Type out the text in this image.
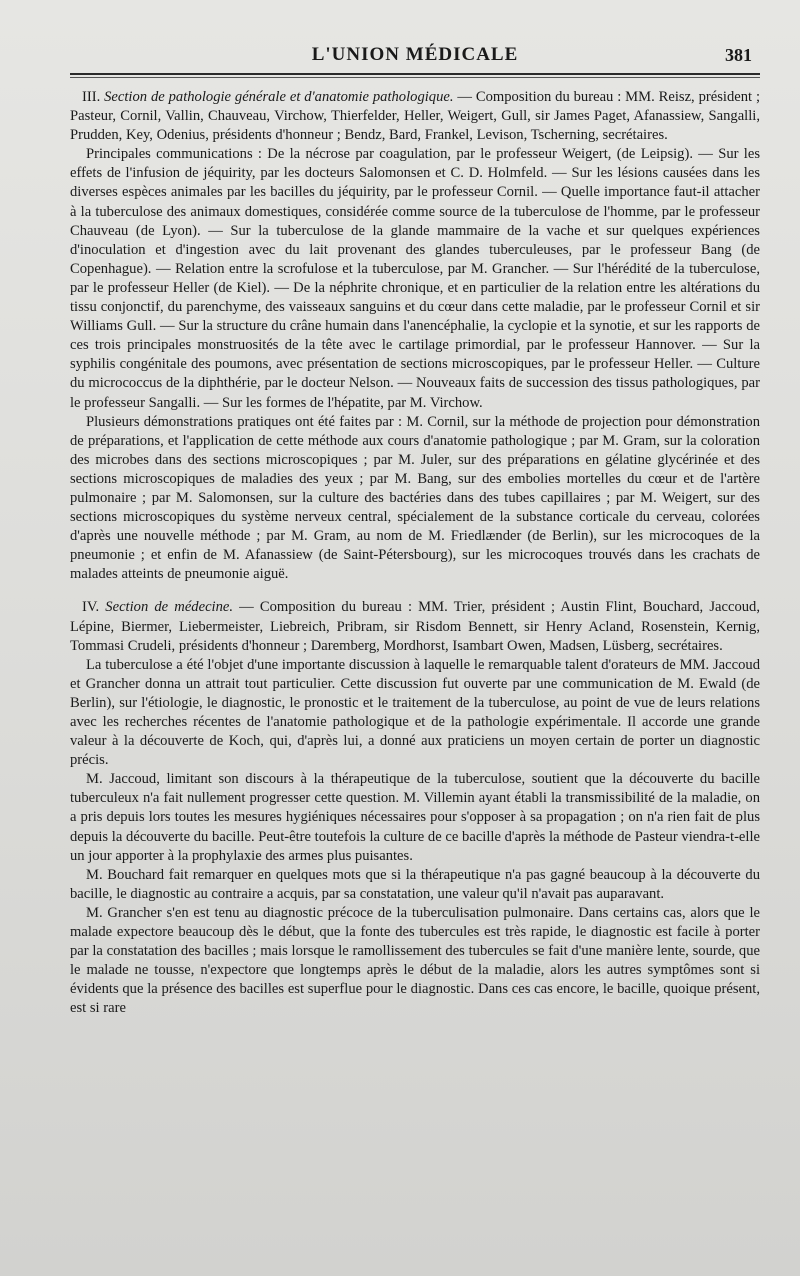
L'UNION MÉDICALE	381

III. Section de pathologie générale et d'anatomie pathologique. — Composition du bureau : MM. Reisz, président ; Pasteur, Cornil, Vallin, Chauveau, Virchow, Thierfelder, Heller, Weigert, Gull, sir James Paget, Afanassiew, Sangalli, Prudden, Key, Odenius, présidents d'honneur ; Bendz, Bard, Frankel, Levison, Tscherning, secrétaires.

Principales communications : De la nécrose par coagulation, par le professeur Weigert, (de Leipsig). — Sur les effets de l'infusion de jéquirity, par les docteurs Salomonsen et C. D. Holmfeld. — Sur les lésions causées dans les diverses espèces animales par les bacilles du jéquirity, par le professeur Cornil. — Quelle importance faut-il attacher à la tuberculose des animaux domestiques, considérée comme source de la tuberculose de l'homme, par le professeur Chauveau (de Lyon). — Sur la tuberculose de la glande mammaire de la vache et sur quelques expériences d'inoculation et d'ingestion avec du lait provenant des glandes tuberculeuses, par le professeur Bang (de Copenhague). — Relation entre la scrofulose et la tuberculose, par M. Grancher. — Sur l'hérédité de la tuberculose, par le professeur Heller (de Kiel). — De la néphrite chronique, et en particulier de la relation entre les altérations du tissu conjonctif, du parenchyme, des vaisseaux sanguins et du cœur dans cette maladie, par le professeur Cornil et sir Williams Gull. — Sur la structure du crâne humain dans l'anencéphalie, la cyclopie et la synotie, et sur les rapports de ces trois principales monstruosités de la tête avec le cartilage primordial, par le professeur Hannover. — Sur la syphilis congénitale des poumons, avec présentation de sections microscopiques, par le professeur Heller. — Culture du micrococcus de la diphthérie, par le docteur Nelson. — Nouveaux faits de succession des tissus pathologiques, par le professeur Sangalli. — Sur les formes de l'hépatite, par M. Virchow.

Plusieurs démonstrations pratiques ont été faites par : M. Cornil, sur la méthode de projection pour démonstration de préparations, et l'application de cette méthode aux cours d'anatomie pathologique ; par M. Gram, sur la coloration des microbes dans des sections microscopiques ; par M. Juler, sur des préparations en gélatine glycérinée et des sections microscopiques de maladies des yeux ; par M. Bang, sur des embolies mortelles du cœur et de l'artère pulmonaire ; par M. Salomonsen, sur la culture des bactéries dans des tubes capillaires ; par M. Weigert, sur des sections microscopiques du système nerveux central, spécialement de la substance corticale du cerveau, colorées d'après une nouvelle méthode ; par M. Gram, au nom de M. Friedlænder (de Berlin), sur les microcoques de la pneumonie ; et enfin de M. Afanassiew (de Saint-Pétersbourg), sur les microcoques trouvés dans les crachats de malades atteints de pneumonie aiguë.

IV. Section de médecine. — Composition du bureau : MM. Trier, président ; Austin Flint, Bouchard, Jaccoud, Lépine, Biermer, Liebermeister, Liebreich, Pribram, sir Risdom Bennett, sir Henry Acland, Rosenstein, Kernig, Tommasi Crudeli, présidents d'honneur ; Daremberg, Mordhorst, Isambart Owen, Madsen, Lüsberg, secrétaires.

La tuberculose a été l'objet d'une importante discussion à laquelle le remarquable talent d'orateurs de MM. Jaccoud et Grancher donna un attrait tout particulier. Cette discussion fut ouverte par une communication de M. Ewald (de Berlin), sur l'étiologie, le diagnostic, le pronostic et le traitement de la tuberculose, au point de vue de leurs relations avec les recherches récentes de l'anatomie pathologique et de la pathologie expérimentale. Il accorde une grande valeur à la découverte de Koch, qui, d'après lui, a donné aux praticiens un moyen certain de porter un diagnostic précis.

M. Jaccoud, limitant son discours à la thérapeutique de la tuberculose, soutient que la découverte du bacille tuberculeux n'a fait nullement progresser cette question. M. Villemin ayant établi la transmissibilité de la maladie, on a pris depuis lors toutes les mesures hygiéniques nécessaires pour s'opposer à sa propagation ; on n'a rien fait de plus depuis la découverte du bacille. Peut-être toutefois la culture de ce bacille d'après la méthode de Pasteur viendra-t-elle un jour apporter à la prophylaxie des armes plus puisantes.

M. Bouchard fait remarquer en quelques mots que si la thérapeutique n'a pas gagné beaucoup à la découverte du bacille, le diagnostic au contraire a acquis, par sa constatation, une valeur qu'il n'avait pas auparavant.

M. Grancher s'en est tenu au diagnostic précoce de la tuberculisation pulmonaire. Dans certains cas, alors que le malade expectore beaucoup dès le début, que la fonte des tubercules est très rapide, le diagnostic est facile à porter par la constatation des bacilles ; mais lorsque le ramollissement des tubercules se fait d'une manière lente, sourde, que le malade ne tousse, n'expectore que longtemps après le début de la maladie, alors les autres symptômes sont si évidents que la présence des bacilles est superflue pour le diagnostic. Dans ces cas encore, le bacille, quoique présent, est si rare
